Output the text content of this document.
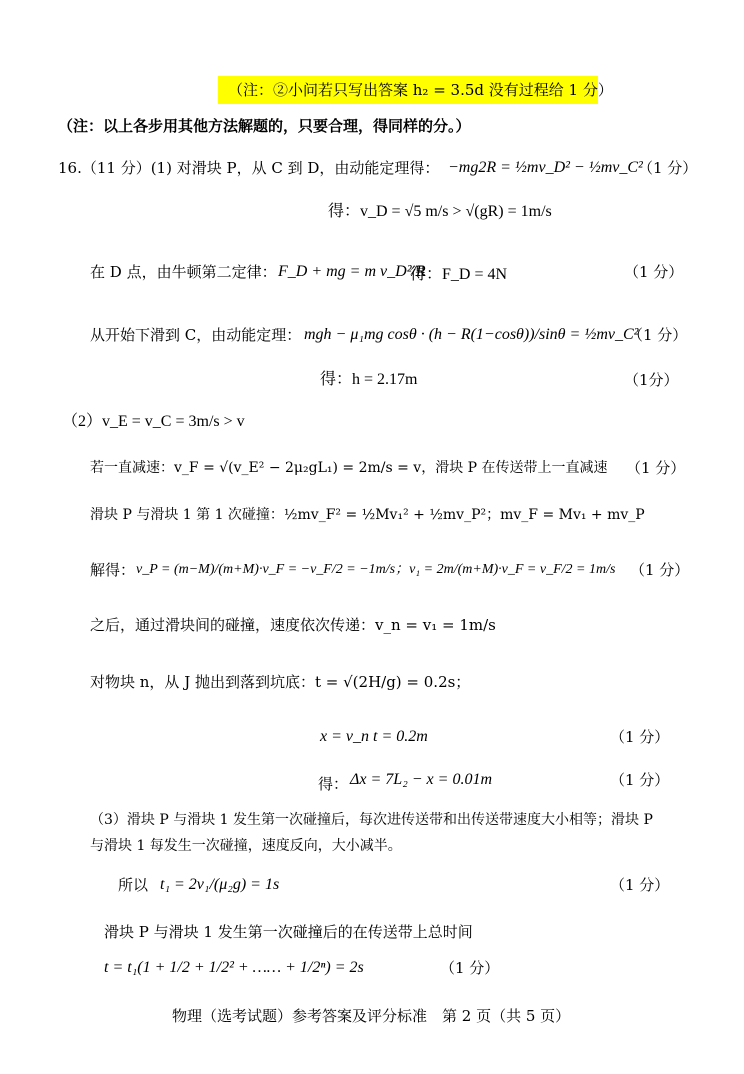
（注：②小问若只写出答案 h₂ = 3.5d 没有过程给 1 分）
（注：以上各步用其他方法解题的，只要合理，得同样的分。）
16.（11 分）(1) 对滑块 P，从 C 到 D，由动能定理得： −mg2R = ½mv_D² − ½mv_C²
（1 分）
得：v_D = √5 m/s > √(gR) = 1m/s
在 D 点，由牛顿第二定律： F_D + mg = m v_D²/R
得：F_D = 4N	（1 分）
从开始下滑到 C，由动能定理： mgh − μ₁mg cosθ · (h − R(1−cosθ))/sinθ = ½mv_C²
（1 分）
得：h = 2.17m	（1分）
（2）v_E = v_C = 3m/s > v
若一直减速：v_F = √(v_E² − 2μ₂gL₁) = 2m/s = v，滑块 P 在传送带上一直减速 （1 分）
滑块 P 与滑块 1 第 1 次碰撞：½mv_F² = ½Mv₁² + ½mv_P²；mv_F = Mv₁ + mv_P
解得： v_P = (m−M)/(m+M)·v_F = −v_F/2 = −1m/s；v₁ = 2m/(m+M)·v_F = v_F/2 = 1m/s （1 分）
之后，通过滑块间的碰撞，速度依次传递：v_n = v₁ = 1m/s
对物块 n，从 J 抛出到落到坑底：t = √(2H/g) = 0.2s；
x = v_n t = 0.2m	（1 分）
得： Δx = 7L₂ − x = 0.01m	（1 分）
（3）滑块 P 与滑块 1 发生第一次碰撞后，每次进传送带和出传送带速度大小相等；滑块 P
与滑块 1 每发生一次碰撞，速度反向，大小减半。
所以 t₁ = 2v₁/(μ₂g) = 1s	（1 分）
滑块 P 与滑块 1 发生第一次碰撞后的在传送带上总时间
t = t₁(1 + 1/2 + 1/2² + …… + 1/2ⁿ) = 2s	（1 分）
物理（选考试题）参考答案及评分标准　第 2 页（共 5 页）
